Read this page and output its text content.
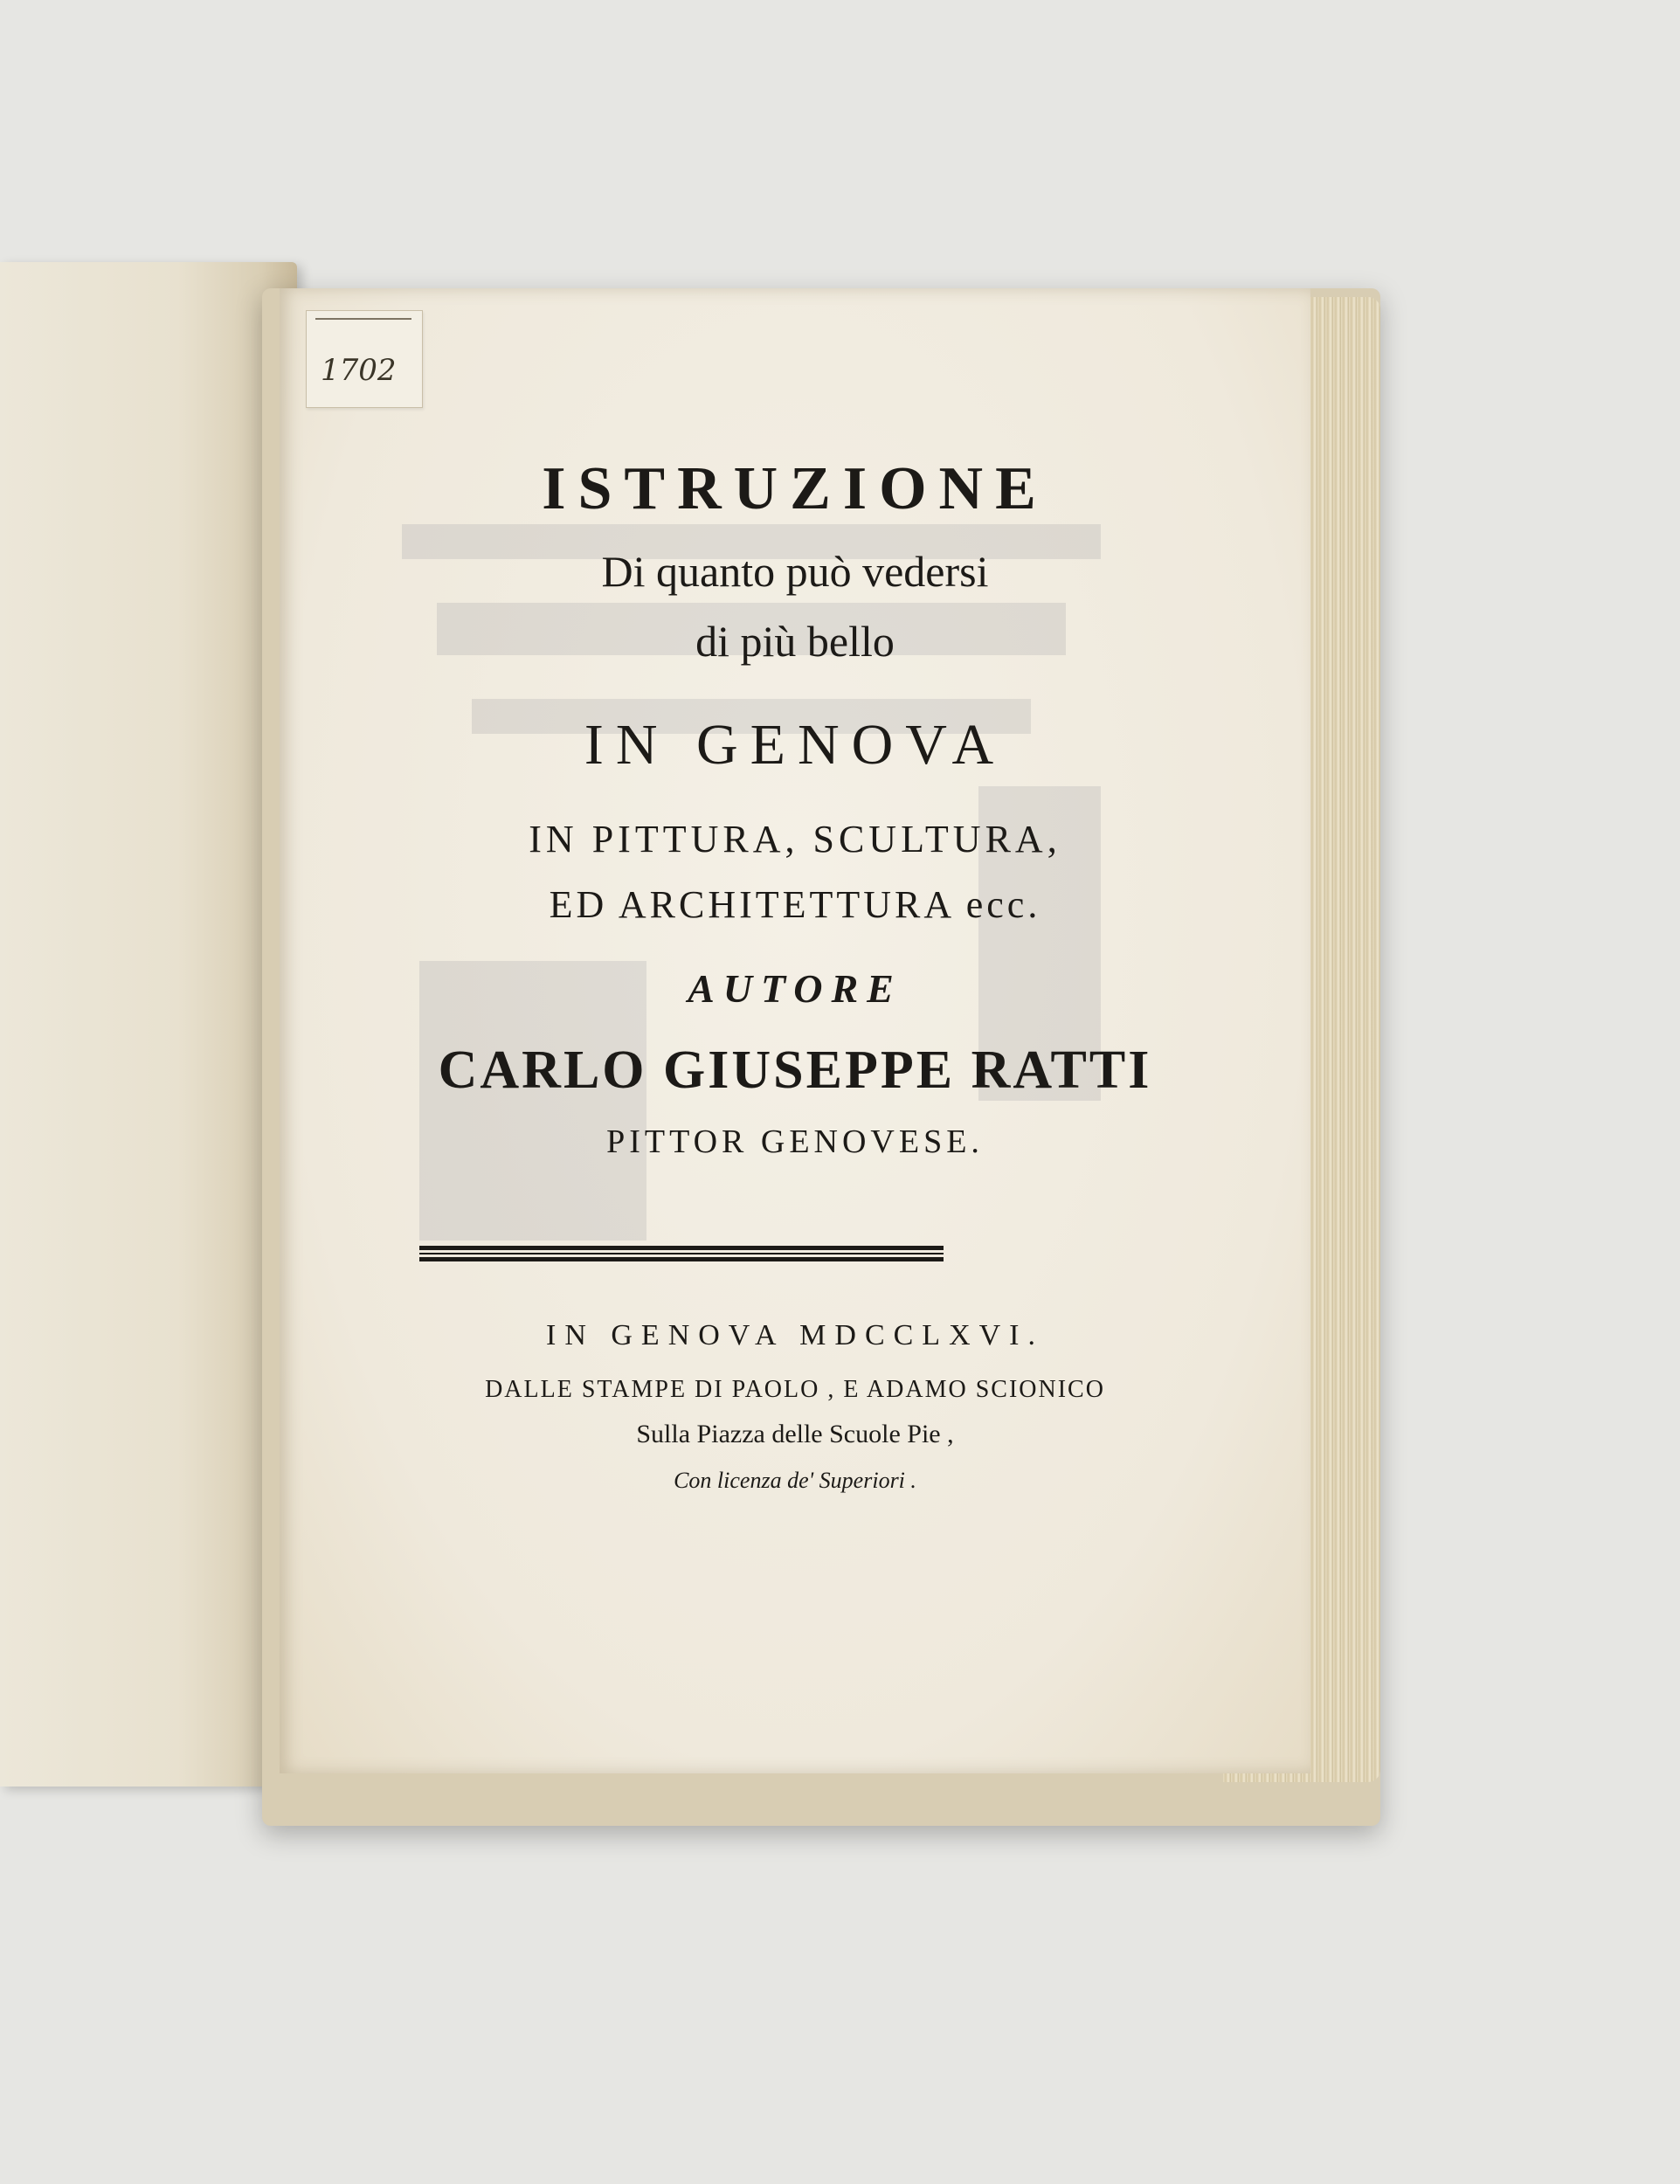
1702
ISTRUZIONE
Di quanto può vedersi
di più bello
IN GENOVA
IN PITTURA, SCULTURA,
ED ARCHITETTURA ecc.
AUTORE
CARLO GIUSEPPE RATTI
PITTOR GENOVESE.
IN GENOVA MDCCLXVI.
DALLE STAMPE DI PAOLO , E ADAMO SCIONICO
Sulla Piazza delle Scuole Pie ,
Con licenza de' Superiori .
